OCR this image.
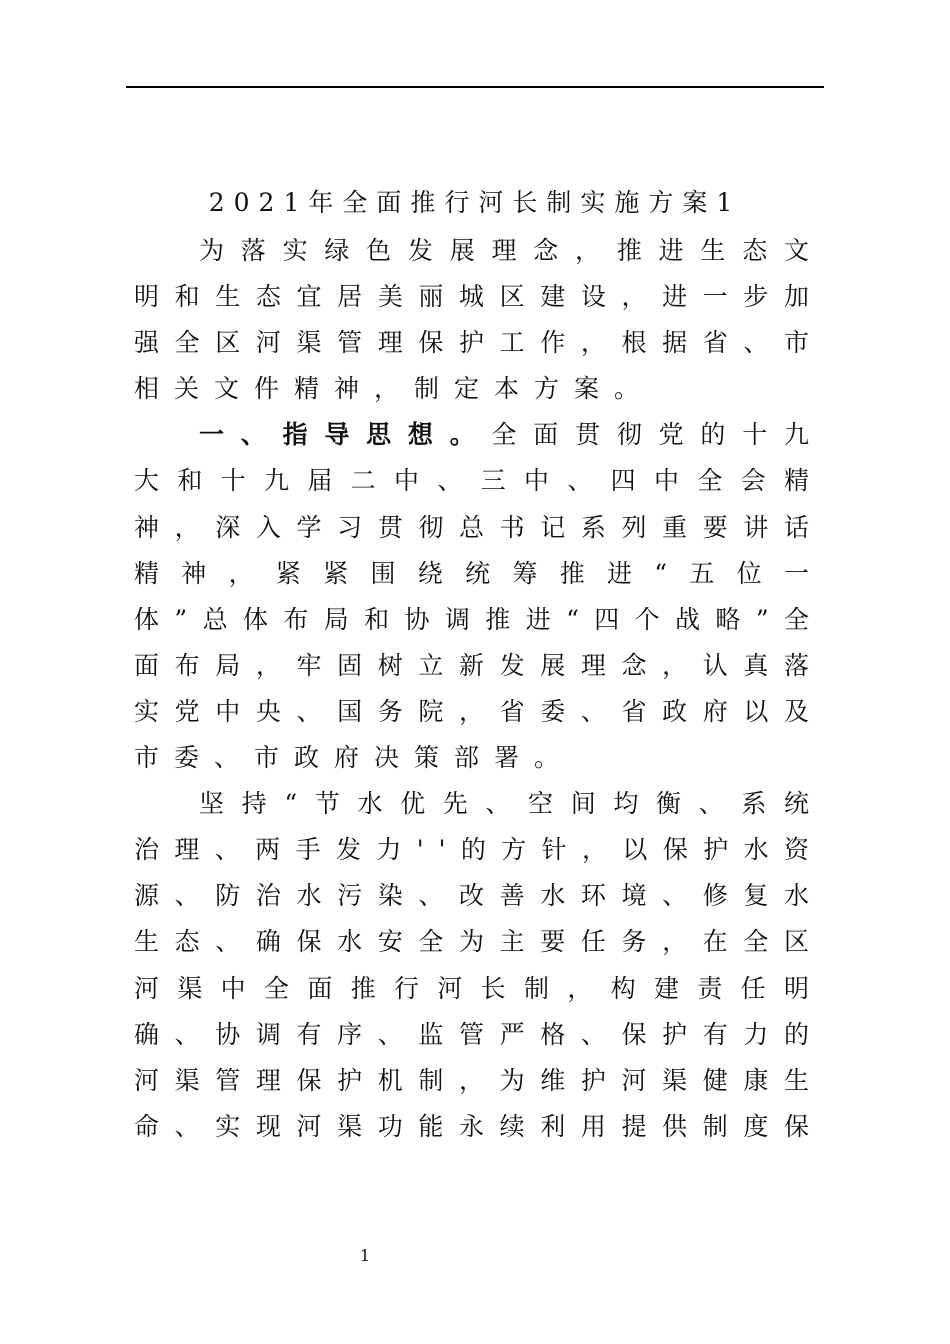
2021年全面推行河长制实施方案1

为落实绿色发展理念，推进生态文明和生态宜居美丽城区建设，进一步加强全区河渠管理保护工作，根据省、市相关文件精神，制定本方案。

一、指导思想。全面贯彻党的十九大和十九届二中、三中、四中全会精神，深入学习贯彻总书记系列重要讲话精神，紧紧围绕统筹推进“五位一体”总体布局和协调推进“四个战略”全面布局，牢固树立新发展理念，认真落实党中央、国务院，省委、省政府以及市委、市政府决策部署。

坚持“节水优先、空间均衡、系统治理、两手发力''的方针，以保护水资源、防治水污染、改善水环境、修复水生态、确保水安全为主要任务，在全区河渠中全面推行河长制，构建责任明确、协调有序、监管严格、保护有力的河渠管理保护机制，为维护河渠健康生命、实现河渠功能永续利用提供制度保

1
